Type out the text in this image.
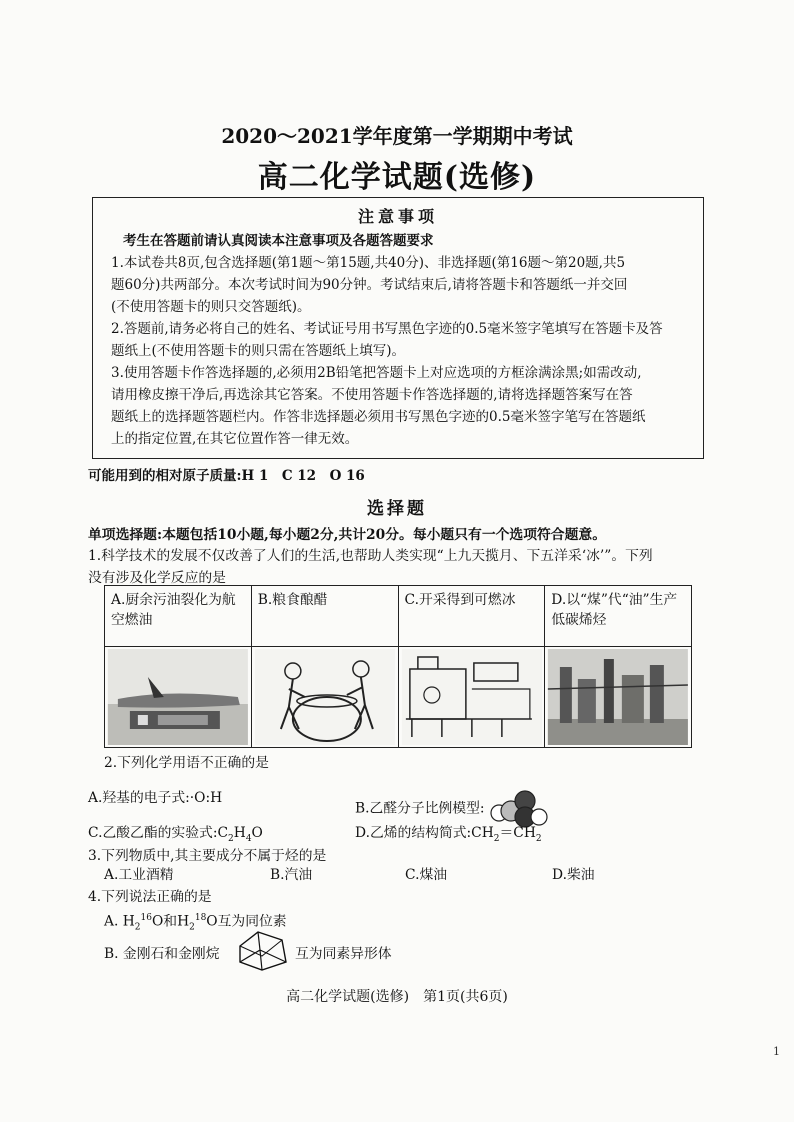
2020～2021学年度第一学期期中考试
高二化学试题(选修)
注意事项
考生在答题前请认真阅读本注意事项及各题答题要求
1.本试卷共8页,包含选择题(第1题～第15题,共40分)、非选择题(第16题～第20题,共5
题60分)共两部分。本次考试时间为90分钟。考试结束后,请将答题卡和答题纸一并交回
(不使用答题卡的则只交答题纸)。
2.答题前,请务必将自己的姓名、考试证号用书写黑色字迹的0.5毫米签字笔填写在答题卡及答
题纸上(不使用答题卡的则只需在答题纸上填写)。
3.使用答题卡作答选择题的,必须用2B铅笔把答题卡上对应选项的方框涂满涂黑;如需改动,
请用橡皮擦干净后,再选涂其它答案。不使用答题卡作答选择题的,请将选择题答案写在答
题纸上的选择题答题栏内。作答非选择题必须用书写黑色字迹的0.5毫米签字笔写在答题纸
上的指定位置,在其它位置作答一律无效。
可能用到的相对原子质量:H 1　C 12　O 16
选择题
单项选择题:本题包括10小题,每小题2分,共计20分。每小题只有一个选项符合题意。
1.科学技术的发展不仅改善了人们的生活,也帮助人类实现“上九天揽月、下五洋采‘冰’”。下列
没有涉及化学反应的是
A.厨余污油裂化为航空燃油	B.粮食酿醋	C.开采得到可燃冰	D.以“煤”代“油”生产低碳烯烃

2.下列化学用语不正确的是
A.羟基的电子式:·O:H
B.乙醛分子比例模型:
C.乙酸乙酯的实验式$:C_2H_4O$	D.乙烯的结构简式$:CH_2=CH_2$
3.下列物质中,其主要成分不属于烃的是
A.工业酒精	B.汽油	C.煤油	D.柴油
4.下列说法正确的是
A. $H_2^{16}O$和$H_2^{18}O$互为同位素
B. 金刚石和金刚烷	互为同素异形体
高二化学试题(选修)　第1页(共6页)
1
